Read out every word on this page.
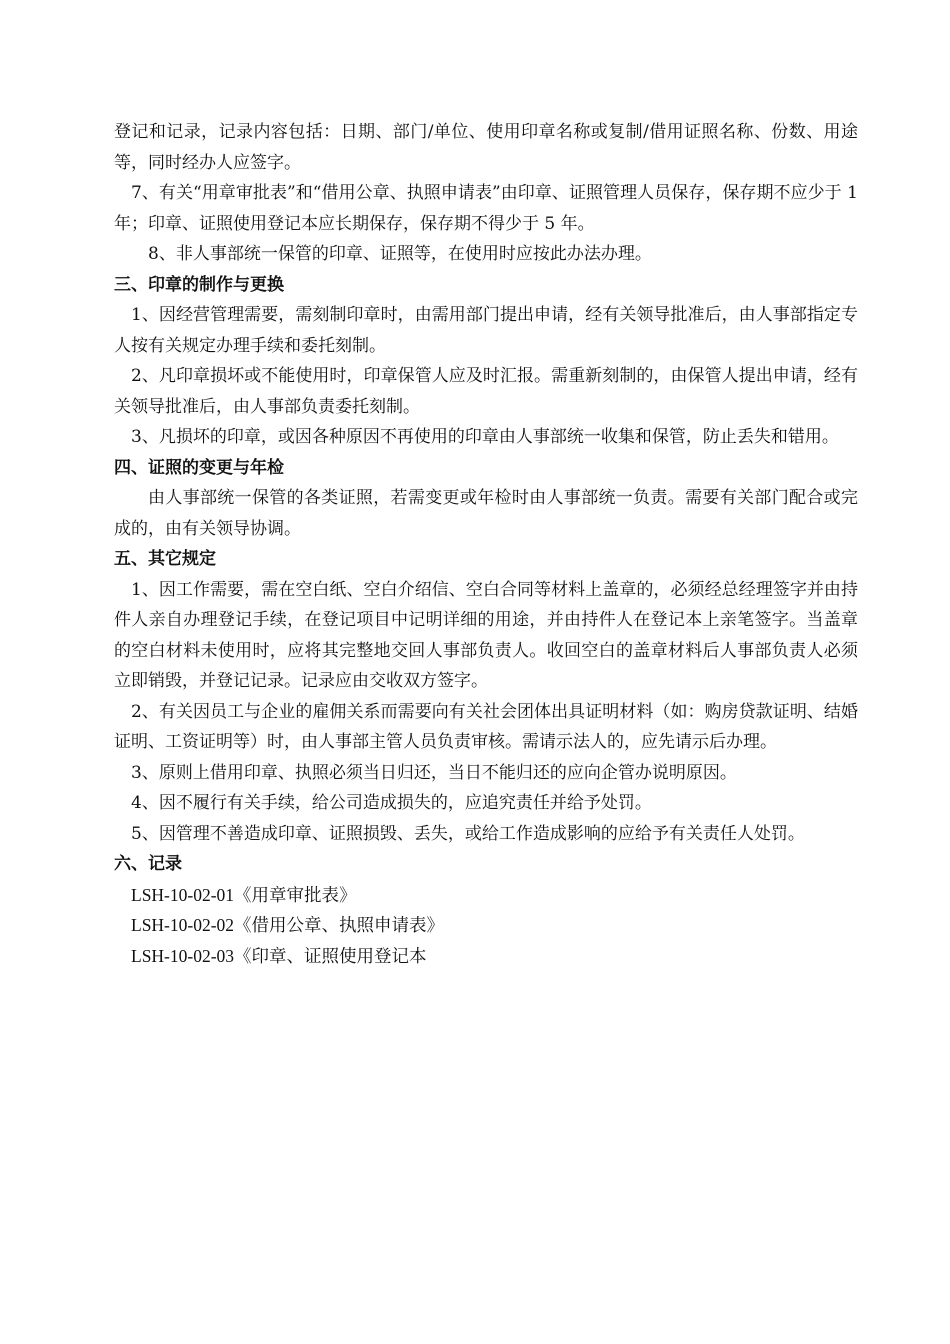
登记和记录，记录内容包括：日期、部门/单位、使用印章名称或复制/借用证照名称、份数、用途等，同时经办人应签字。

7、有关“用章审批表”和“借用公章、执照申请表”由印章、证照管理人员保存，保存期不应少于 1 年；印章、证照使用登记本应长期保存，保存期不得少于 5 年。

8、非人事部统一保管的印章、证照等，在使用时应按此办法办理。

三、印章的制作与更换

1、因经营管理需要，需刻制印章时，由需用部门提出申请，经有关领导批准后，由人事部指定专人按有关规定办理手续和委托刻制。

2、凡印章损坏或不能使用时，印章保管人应及时汇报。需重新刻制的，由保管人提出申请，经有关领导批准后，由人事部负责委托刻制。

3、凡损坏的印章，或因各种原因不再使用的印章由人事部统一收集和保管，防止丢失和错用。

四、证照的变更与年检

由人事部统一保管的各类证照，若需变更或年检时由人事部统一负责。需要有关部门配合或完成的，由有关领导协调。

五、其它规定

1、因工作需要，需在空白纸、空白介绍信、空白合同等材料上盖章的，必须经总经理签字并由持件人亲自办理登记手续，在登记项目中记明详细的用途，并由持件人在登记本上亲笔签字。当盖章的空白材料未使用时，应将其完整地交回人事部负责人。收回空白的盖章材料后人事部负责人必须立即销毁，并登记记录。记录应由交收双方签字。

2、有关因员工与企业的雇佣关系而需要向有关社会团体出具证明材料（如：购房贷款证明、结婚证明、工资证明等）时，由人事部主管人员负责审核。需请示法人的，应先请示后办理。

3、原则上借用印章、执照必须当日归还，当日不能归还的应向企管办说明原因。

4、因不履行有关手续，给公司造成损失的，应追究责任并给予处罚。

5、因管理不善造成印章、证照损毁、丢失，或给工作造成影响的应给予有关责任人处罚。

六、记录

LSH-10-02-01《用章审批表》

LSH-10-02-02《借用公章、执照申请表》

LSH-10-02-03《印章、证照使用登记本
